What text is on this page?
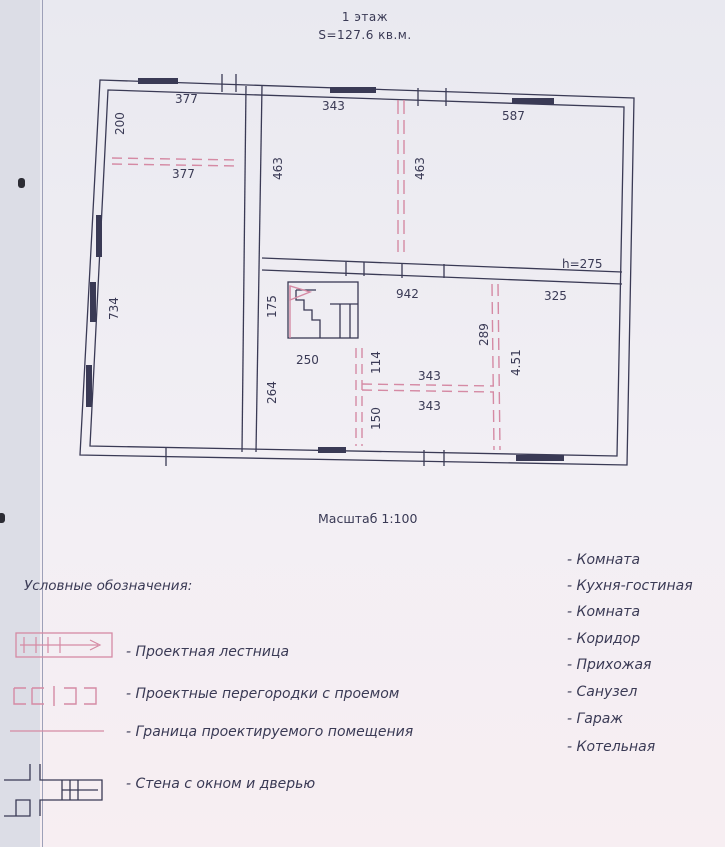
1 этаж
S=127.6 кв.м.
377
200
377
734
343
587
463	463
h=275
942	325
175
250
264
114
343
343
150
289
4.51
Масштаб 1:100
Условные обозначения:
- Проектная лестница
- Проектные перегородки с проемом
- Граница проектируемого помещения
- Стена с окном и дверью
- Комната
- Кухня-гостиная
- Комната
- Коридор
- Прихожая
- Санузел
- Гараж
- Котельная
